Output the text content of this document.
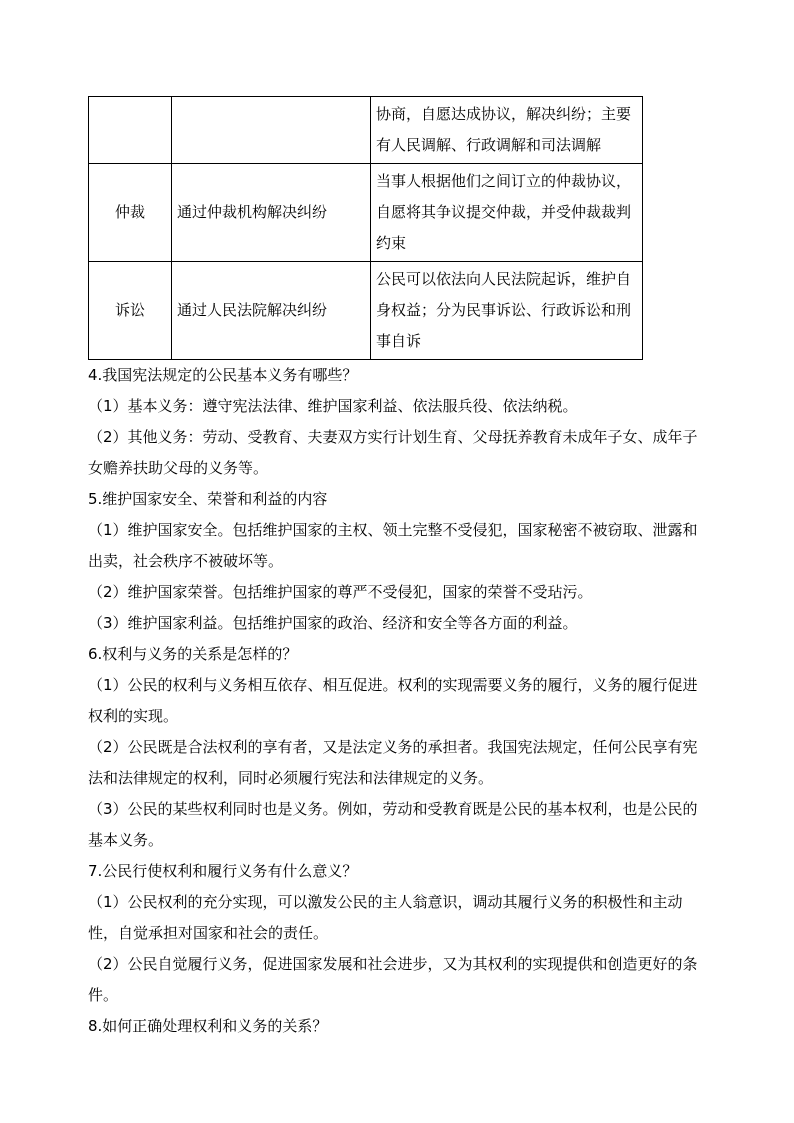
		协商，自愿达成协议，解决纠纷；主要有人民调解、行政调解和司法调解
仲裁	通过仲裁机构解决纠纷	当事人根据他们之间订立的仲裁协议，自愿将其争议提交仲裁，并受仲裁裁判约束
诉讼	通过人民法院解决纠纷	公民可以依法向人民法院起诉，维护自身权益；分为民事诉讼、行政诉讼和刑事自诉

4.我国宪法规定的公民基本义务有哪些？

（1）基本义务：遵守宪法法律、维护国家利益、依法服兵役、依法纳税。

（2）其他义务：劳动、受教育、夫妻双方实行计划生育、父母抚养教育未成年子女、成年子女赡养扶助父母的义务等。

5.维护国家安全、荣誉和利益的内容

（1）维护国家安全。包括维护国家的主权、领土完整不受侵犯，国家秘密不被窃取、泄露和出卖，社会秩序不被破坏等。

（2）维护国家荣誉。包括维护国家的尊严不受侵犯，国家的荣誉不受玷污。

（3）维护国家利益。包括维护国家的政治、经济和安全等各方面的利益。

6.权利与义务的关系是怎样的？

（1）公民的权利与义务相互依存、相互促进。权利的实现需要义务的履行，义务的履行促进权利的实现。

（2）公民既是合法权利的享有者，又是法定义务的承担者。我国宪法规定，任何公民享有宪法和法律规定的权利，同时必须履行宪法和法律规定的义务。

（3）公民的某些权利同时也是义务。例如，劳动和受教育既是公民的基本权利，也是公民的基本义务。

7.公民行使权利和履行义务有什么意义？

（1）公民权利的充分实现，可以激发公民的主人翁意识，调动其履行义务的积极性和主动性，自觉承担对国家和社会的责任。

（2）公民自觉履行义务，促进国家发展和社会进步，又为其权利的实现提供和创造更好的条件。

8.如何正确处理权利和义务的关系？
